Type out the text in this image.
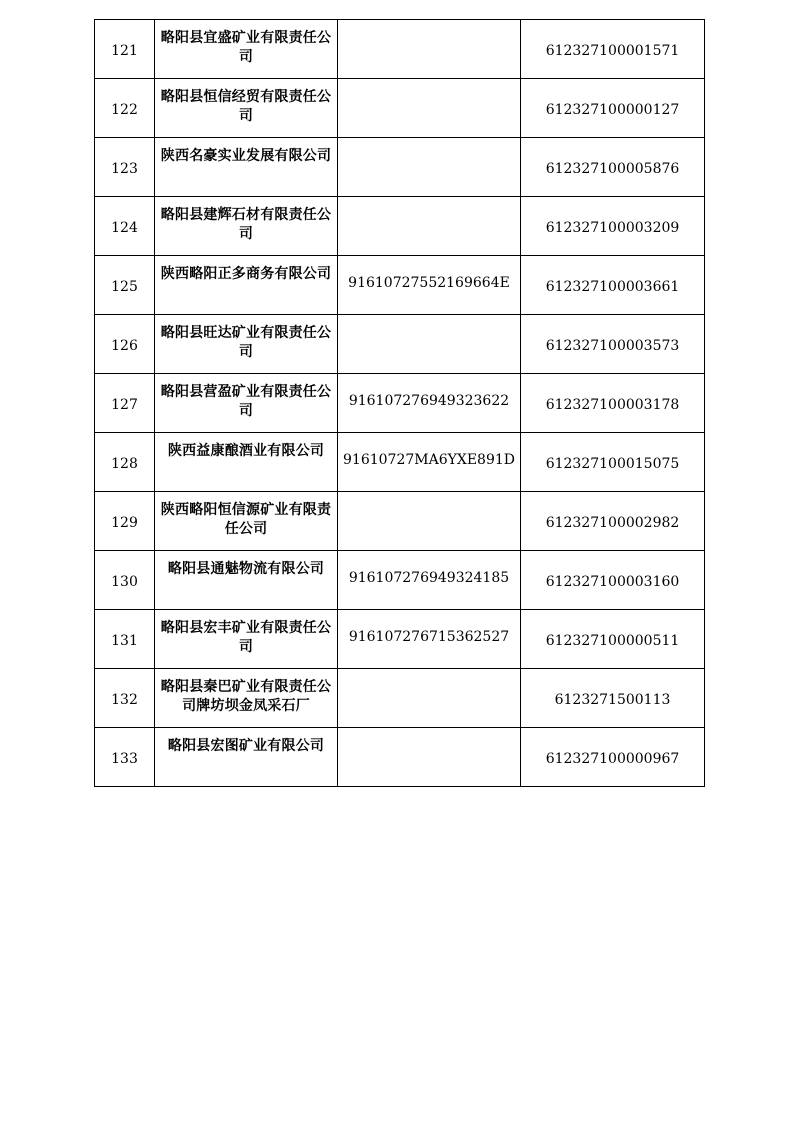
121	略阳县宜盛矿业有限责任公司		612327100001571
122	略阳县恒信经贸有限责任公司		612327100000127
123	陕西名豪实业发展有限公司		612327100005876
124	略阳县建辉石材有限责任公司		612327100003209
125	陕西略阳正多商务有限公司	91610727552169664E	612327100003661
126	略阳县旺达矿业有限责任公司		612327100003573
127	略阳县营盈矿业有限责任公司	916107276949323622	612327100003178
128	陕西益康酿酒业有限公司	91610727MA6YXE891D	612327100015075
129	陕西略阳恒信源矿业有限责任公司		612327100002982
130	略阳县通魅物流有限公司	916107276949324185	612327100003160
131	略阳县宏丰矿业有限责任公司	916107276715362527	612327100000511
132	略阳县秦巴矿业有限责任公司牌坊坝金凤采石厂		6123271500113
133	略阳县宏图矿业有限公司		612327100000967
